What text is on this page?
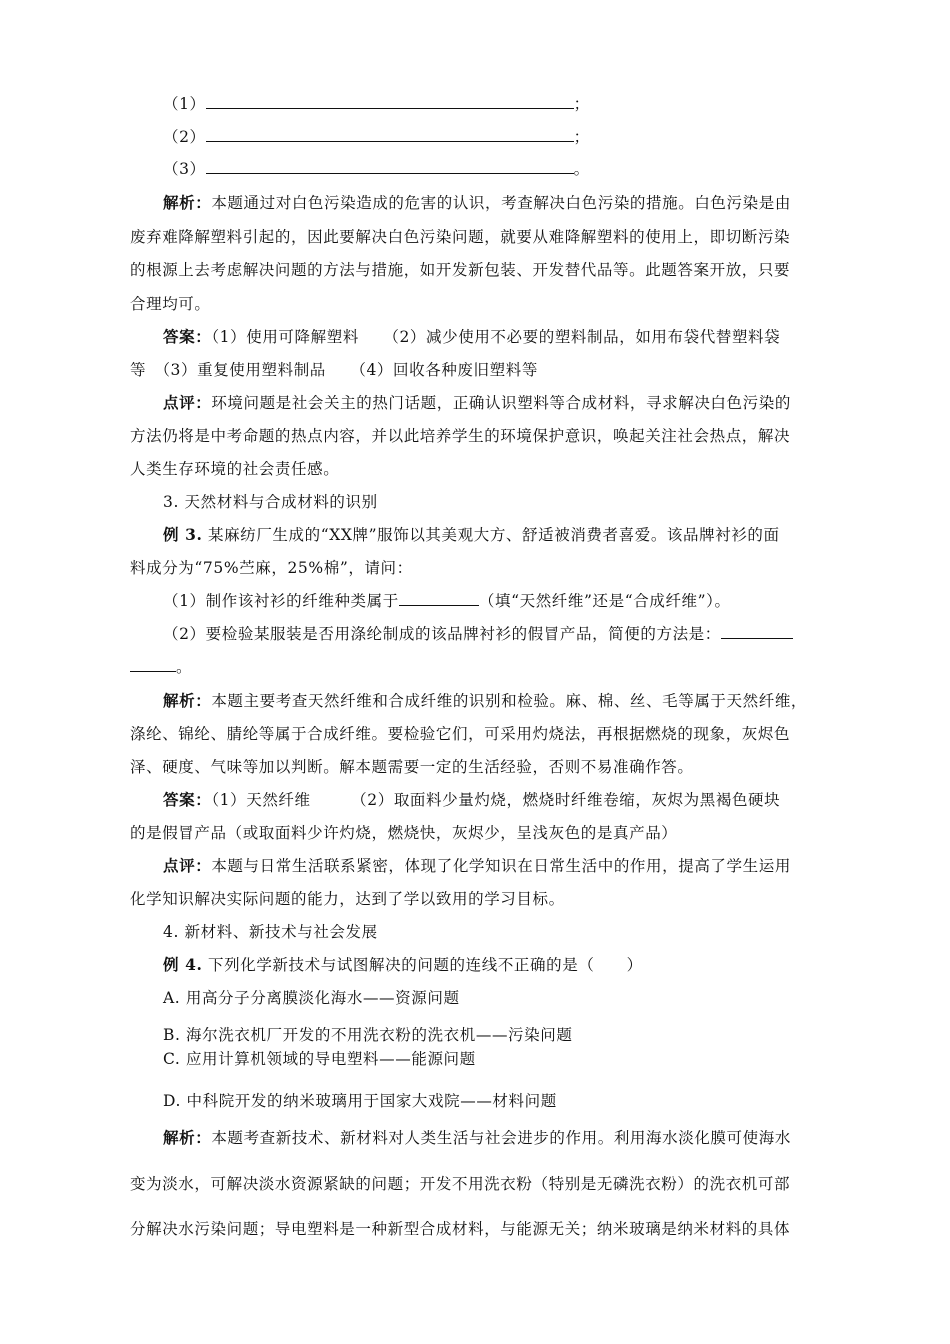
（1）	；
（2）	；
（3）	。
解析：本题通过对白色污染造成的危害的认识，考查解决白色污染的措施。白色污染是由
废弃难降解塑料引起的，因此要解决白色污染问题，就要从难降解塑料的使用上，即切断污染
的根源上去考虑解决问题的方法与措施，如开发新包装、开发替代品等。此题答案开放，只要
合理均可。
答案：（1）使用可降解塑料　　（2）减少使用不必要的塑料制品，如用布袋代替塑料袋
等　（3）重复使用塑料制品　　（4）回收各种废旧塑料等
点评：环境问题是社会关主的热门话题，正确认识塑料等合成材料，寻求解决白色污染的
方法仍将是中考命题的热点内容，并以此培养学生的环境保护意识，唤起关注社会热点，解决
人类生存环境的社会责任感。
3. 天然材料与合成材料的识别
例 3. 某麻纺厂生成的“XX牌”服饰以其美观大方、舒适被消费者喜爱。该品牌衬衫的面
料成分为“75%苎麻，25%棉”，请问：
（1）制作该衬衫的纤维种类属于	（填“天然纤维”还是“合成纤维”）。
（2）要检验某服装是否用涤纶制成的该品牌衬衫的假冒产品，简便的方法是：
。
解析：本题主要考查天然纤维和合成纤维的识别和检验。麻、棉、丝、毛等属于天然纤维，
涤纶、锦纶、腈纶等属于合成纤维。要检验它们，可采用灼烧法，再根据燃烧的现象，灰烬色
泽、硬度、气味等加以判断。解本题需要一定的生活经验，否则不易准确作答。
答案：（1）天然纤维　　　（2）取面料少量灼烧，燃烧时纤维卷缩，灰烬为黑褐色硬块
的是假冒产品（或取面料少许灼烧，燃烧快，灰烬少，呈浅灰色的是真产品）
点评：本题与日常生活联系紧密，体现了化学知识在日常生活中的作用，提高了学生运用
化学知识解决实际问题的能力，达到了学以致用的学习目标。
4. 新材料、新技术与社会发展
例 4. 下列化学新技术与试图解决的问题的连线不正确的是（　　）
A. 用高分子分离膜淡化海水——资源问题
B. 海尔洗衣机厂开发的不用洗衣粉的洗衣机——污染问题
C. 应用计算机领域的导电塑料——能源问题
D. 中科院开发的纳米玻璃用于国家大戏院——材料问题
解析：本题考查新技术、新材料对人类生活与社会进步的作用。利用海水淡化膜可使海水
变为淡水，可解决淡水资源紧缺的问题；开发不用洗衣粉（特别是无磷洗衣粉）的洗衣机可部
分解决水污染问题；导电塑料是一种新型合成材料，与能源无关；纳米玻璃是纳米材料的具体
